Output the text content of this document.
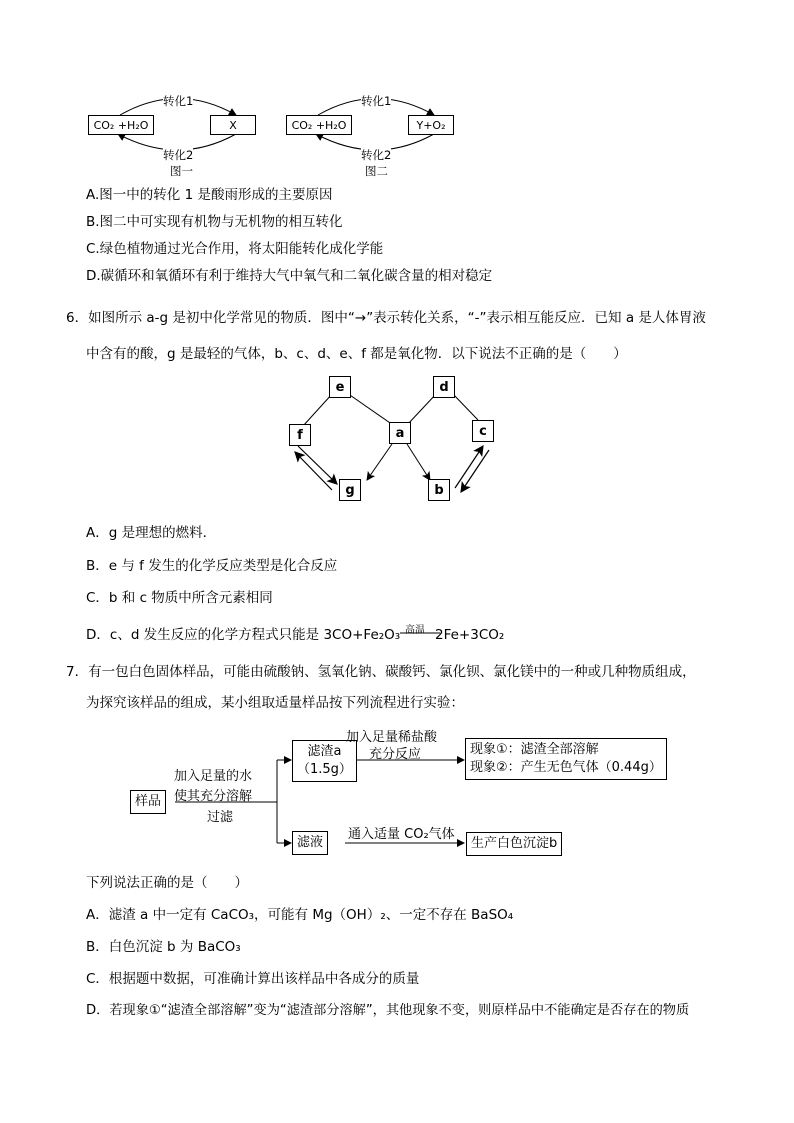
CO₂ +H₂O	X
转化1
转化2
图一
CO₂ +H₂O	Y+O₂
转化1
转化2
图二
A.图一中的转化 1 是酸雨形成的主要原因
B.图二中可实现有机物与无机物的相互转化
C.绿色植物通过光合作用，将太阳能转化成化学能
D.碳循环和氧循环有利于维持大气中氧气和二氧化碳含量的相对稳定
6．如图所示 a-g 是初中化学常见的物质．图中“→”表示转化关系，“-”表示相互能反应．已知 a 是人体胃液
中含有的酸，g 是最轻的气体，b、c、d、e、f 都是氧化物．以下说法不正确的是（　　）
e	d
f	a	c
g	b
A．g 是理想的燃料．
B．e 与 f 发生的化学反应类型是化合反应
C．b 和 c 物质中所含元素相同
D．c、d 发生反应的化学方程式只能是 3CO+Fe₂O₃ 高温 2Fe+3CO₂
7．有一包白色固体样品，可能由硫酸钠、氢氧化钠、碳酸钙、氯化钡、氯化镁中的一种或几种物质组成，
为探究该样品的组成，某小组取适量样品按下列流程进行实验：
样品
加入足量的水
使其充分溶解
过滤
滤渣a
（1.5g）
滤液
加入足量稀盐酸
充分反应	现象①：滤渣全部溶解
现象②：产生无色气体（0.44g）
通入适量 CO₂气体
生产白色沉淀b
下列说法正确的是（　　）
A．滤渣 a 中一定有 CaCO₃，可能有 Mg（OH）₂、一定不存在 BaSO₄
B．白色沉淀 b 为 BaCO₃
C．根据题中数据，可准确计算出该样品中各成分的质量
D．若现象①“滤渣全部溶解”变为“滤渣部分溶解”，其他现象不变，则原样品中不能确定是否存在的物质
